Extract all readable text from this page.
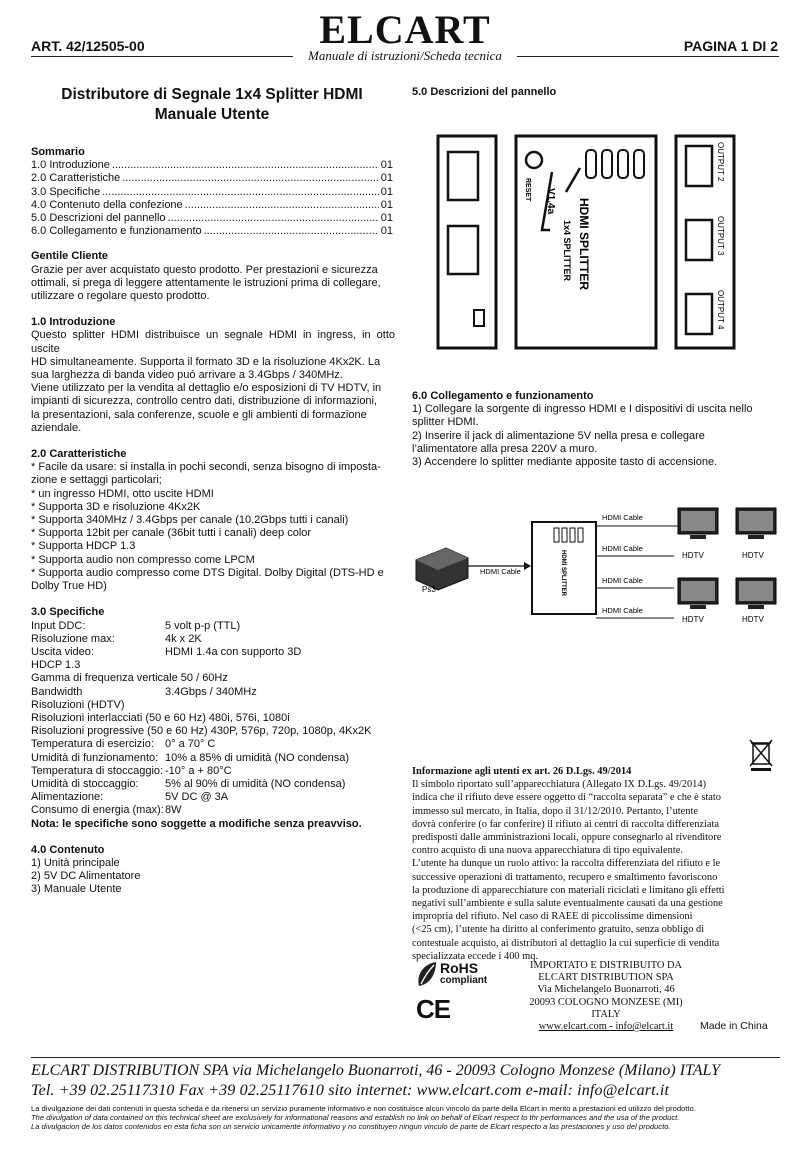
ART. 42/12505-00	ELCART
Manuale di istruzioni/Scheda tecnica
PAGINA 1 DI 2
Distributore di Segnale 1x4 Splitter HDMI
Manuale Utente
Sommario
1.0 Introduzione .....	01
2.0 Caratteristiche .....	01
3.0 Specifiche .....	01
4.0 Contenuto della confezione .....	01
5.0 Descrizioni del pannello .....	01
6.0 Collegamento e funzionamento .....	01
Gentile Cliente
Grazie per aver acquistato questo prodotto. Per prestazioni e sicurezza
ottimali, si prega di leggere attentamente le istruzioni prima di collegare,
utilizzare o regolare questo prodotto.
1.0 Introduzione
Questo splitter HDMI distribuisce un segnale HDMI in ingress, in otto uscite
HD simultaneamente. Supporta il formato 3D e la risoluzione 4Kx2K. La
sua larghezza di banda video puó arrivare a 3.4Gbps / 340MHz.
Viene utilizzato per la vendita al dettaglio e/o esposizioni di TV HDTV, in
impianti di sicurezza, controllo centro dati, distribuzione di informazioni,
la presentazioni, sala conferenze, scuole e gli ambienti di formazione
aziendale.
2.0 Caratteristiche
* Facile da usare: si installa in pochi secondi, senza bisogno di imposta-
zione e settaggi particolari;
* un ingresso HDMI, otto uscite HDMI
* Supporta 3D e risoluzione 4Kx2K
* Supporta 340MHz / 3.4Gbps per canale (10.2Gbps tutti i canali)
* Supporta 12bit per canale (36bit tutti i canali) deep color
* Supporta HDCP 1.3
* Supporta audio non compresso come LPCM
* Supporta audio compresso come DTS Digital. Dolby Digital (DTS-HD e
Dolby True HD)
3.0 Specifiche
Input DDC:	5 volt p-p (TTL)
Risoluzione max:	4k x 2K
Uscita video:	HDMI 1.4a con supporto 3D
HDCP 1.3
Gamma di frequenza verticale 50 / 60Hz
Bandwidth	3.4Gbps / 340MHz
Risoluzioni (HDTV)
Risoluzioni interlacciati (50 e 60 Hz) 480i, 576i, 1080i
Risoluzioni progressive (50 e 60 Hz) 430P, 576p, 720p, 1080p, 4Kx2K
Temperatura di esercizio:	0° a 70° C
Umidità di funzionamento: 10% a 85% di umidità (NO condensa)
Temperatura di stoccaggio: -10° a + 80°C
Umidità di stoccaggio:	5% al 90% di umidità (NO condensa)
Alimentazione:	5V DC @ 3A
Consumo di energia (max): 8W
Nota: le specifiche sono soggette a modifiche senza preavviso.
4.0 Contenuto
1) Unità principale
2) 5V DC Alimentatore
3) Manuale Utente
5.0 Descrizioni del pannello
RESET V1.4a HDMI SPLITTER
1x4 SPLITTER
OUTPUT 2
OUTPUT 3
OUTPUT 4
6.0 Collegamento e funzionamento
1) Collegare la sorgente di ingresso HDMI e I dispositivi di uscita nello
splitter HDMI.
2) Inserire il jack di alimentazione 5V nella presa e collegare
l’alimentatore alla presa 220V a muro.
3) Accendere lo splitter mediante apposite tasto di accensione.
Ps3
HDMI Cable	HDMI SPLITTER
HDMI Cable
HDMI Cable
HDMI Cable
HDMI Cable
HDTV	HDTV
HDTV	HDTV
Informazione agli utenti ex art. 26 D.Lgs. 49/2014
Il simbolo riportato sull’apparecchiatura (Allegato IX D.Lgs. 49/2014)
indica che il rifiuto deve essere oggetto di “raccolta separata” e che è stato
immesso sul mercato, in Italia, dopo il 31/12/2010. Pertanto, l’utente
dovrà conferire (o far conferire) il rifiuto ai centri di raccolta differenziata
predisposti dalle amministrazioni locali, oppure consegnarlo al rivenditore
contro acquisto di una nuova apparecchiatura di tipo equivalente.
L’utente ha dunque un ruolo attivo: la raccolta differenziata del rifiuto e le
successive operazioni di trattamento, recupero e smaltimento favoriscono
la produzione di apparecchiature con materiali riciclati e limitano gli effetti
negativi sull’ambiente e sulla salute eventualmente causati da una gestione
impropria del rifiuto. Nel caso di RAEE di piccolissime dimensioni
(<25 cm), l’utente ha diritto al conferimento gratuito, senza obbligo di
contestuale acquisto, ai distributori al dettaglio la cui superficie di vendita
specializzata eccede i 400 mq.
RoHS
compliant
CE
IMPORTATO E DISTRIBUITO DA
ELCART DISTRIBUTION SPA
Via Michelangelo Buonarroti, 46
20093 COLOGNO MONZESE (MI)
ITALY
www.elcart.com - info@elcart.it	Made in China
ELCART DISTRIBUTION SPA via Michelangelo Buonarroti, 46 - 20093 Cologno Monzese (Milano) ITALY
Tel. +39 02.25117310 Fax +39 02.25117610 sito internet: www.elcart.com e-mail: info@elcart.it
La divulgazione dei dati contenuti in questa scheda è da ritenersi un servizio puramente informativo e non costituisce alcun vincolo da parte della Elcart in merito a prestazioni ed utilizzo del prodotto.
The divulgation of data contained on this technical sheet are exclusively for informational reasons and establish no link on behalf of Elcart respect to thr performances and the usa of the product.
La divulgacion de los datos contenidos en esta ficha son un servicio unicamente informativo y no constituyen ningun vinculo de parte de Elcart respecto a las prestaciones y uso del producto.
